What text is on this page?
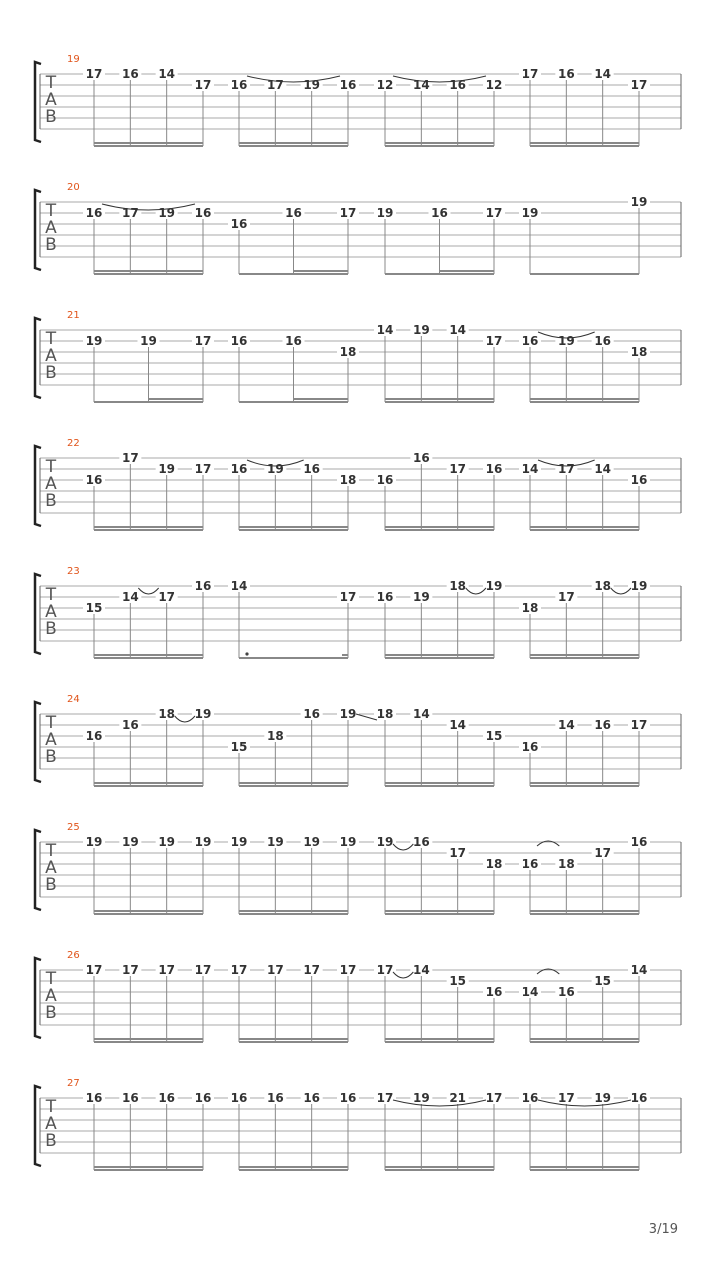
T
A
B
19
17 16 14
17 16 17 19 16 12 14 16 12
17 16 14
17
T
A
B
20
16 17 19 16
16
16	17 19	16	17 19
19
T
A
B
21
19	19	17 16	16
18
14 19 14
17 16 19 16
18
T
A
B
22
16
17
19 17 16 19 16
18 16
16
17 16 14 17 14
16
T
A
B
23
15
14 17
16 14
17 16 19
18 19
18
17
18 19
T
A
B
24
16
16
18 19
15
18
16 19 18 14
14
15
16
14 16 17
T
A
B
25
19 19 19 19 19 19 19 19 19 16
17
18 16 18
17
16
T
A
B
26
17 17 17 17 17 17 17 17 17 14
15
16 14 16
15
14
T
A
B
27
16 16 16 16 16 16 16 16 17 19 21 17 16 17 19 16
3/19
